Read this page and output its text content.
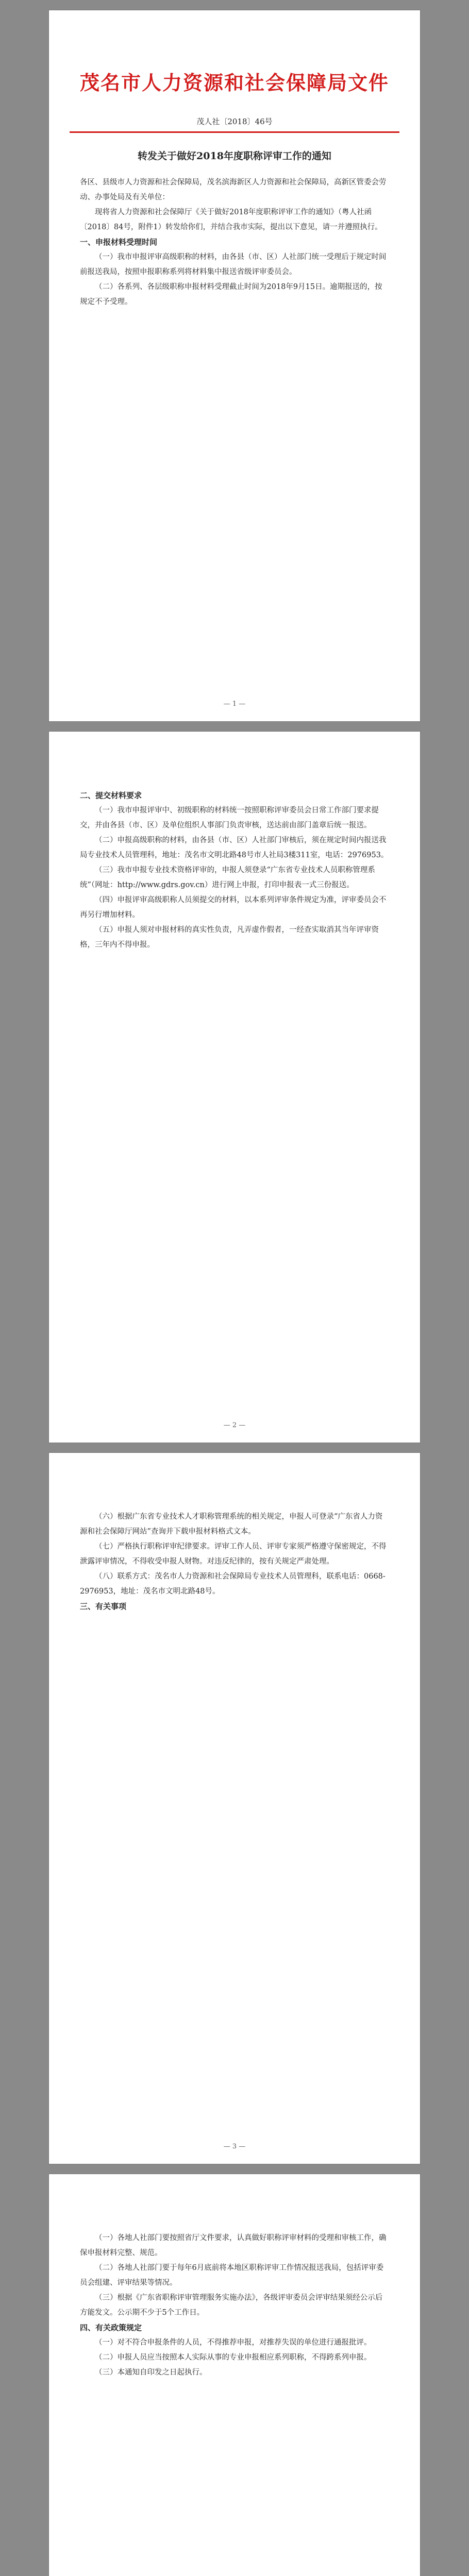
茂名市人力资源和社会保障局文件
茂人社〔2018〕46号
转发关于做好2018年度职称评审工作的通知

各区、县级市人力资源和社会保障局，茂名滨海新区人力资源和社会保障局，高新区管委会劳动、办事处局及有关单位：

现将省人力资源和社会保障厅《关于做好2018年度职称评审工作的通知》（粤人社函〔2018〕84号，附件1）转发给你们，并结合我市实际，提出以下意见，请一并遵照执行。

一、申报材料受理时间

（一）我市申报评审高级职称的材料，由各县（市、区）人社部门统一受理后于规定时间前报送我局，按照申报职称系列将材料集中报送省级评审委员会。

（二）各系列、各层级职称申报材料受理截止时间为2018年9月15日。逾期报送的，按规定不予受理。

— 1 —

二、提交材料要求

（一）我市申报评审中、初级职称的材料统一按照职称评审委员会日常工作部门要求提交，并由各县（市、区）及单位组织人事部门负责审核，送达前由部门盖章后统一报送。

（二）申报高级职称的材料，由各县（市、区）人社部门审核后，须在规定时间内报送我局专业技术人员管理科，地址：茂名市文明北路48号市人社局3楼311室，电话：2976953。

（三）我市申报专业技术资格评审的，申报人须登录“广东省专业技术人员职称管理系统”（网址：http://www.gdrs.gov.cn）进行网上申报，打印申报表一式三份报送。

（四）申报评审高级职称人员须提交的材料，以本系列评审条件规定为准，评审委员会不再另行增加材料。

（五）申报人须对申报材料的真实性负责，凡弄虚作假者，一经查实取消其当年评审资格，三年内不得申报。

— 2 —

（六）根据广东省专业技术人才职称管理系统的相关规定，申报人可登录“广东省人力资源和社会保障厅网站”查询并下载申报材料格式文本。

（七）严格执行职称评审纪律要求。评审工作人员、评审专家须严格遵守保密规定，不得泄露评审情况，不得收受申报人财物。对违反纪律的，按有关规定严肃处理。

（八）联系方式：茂名市人力资源和社会保障局专业技术人员管理科，联系电话：0668-2976953，地址：茂名市文明北路48号。

三、有关事项

— 3 —

（一）各地人社部门要按照省厅文件要求，认真做好职称评审材料的受理和审核工作，确保申报材料完整、规范。

（二）各地人社部门要于每年6月底前将本地区职称评审工作情况报送我局，包括评审委员会组建、评审结果等情况。

（三）根据《广东省职称评审管理服务实施办法》，各级评审委员会评审结果须经公示后方能发文。公示期不少于5个工作日。

四、有关政策规定

（一）对不符合申报条件的人员，不得推荐申报，对推荐失误的单位进行通报批评。

（二）申报人员应当按照本人实际从事的专业申报相应系列职称，不得跨系列申报。

（三）本通知自印发之日起执行。
